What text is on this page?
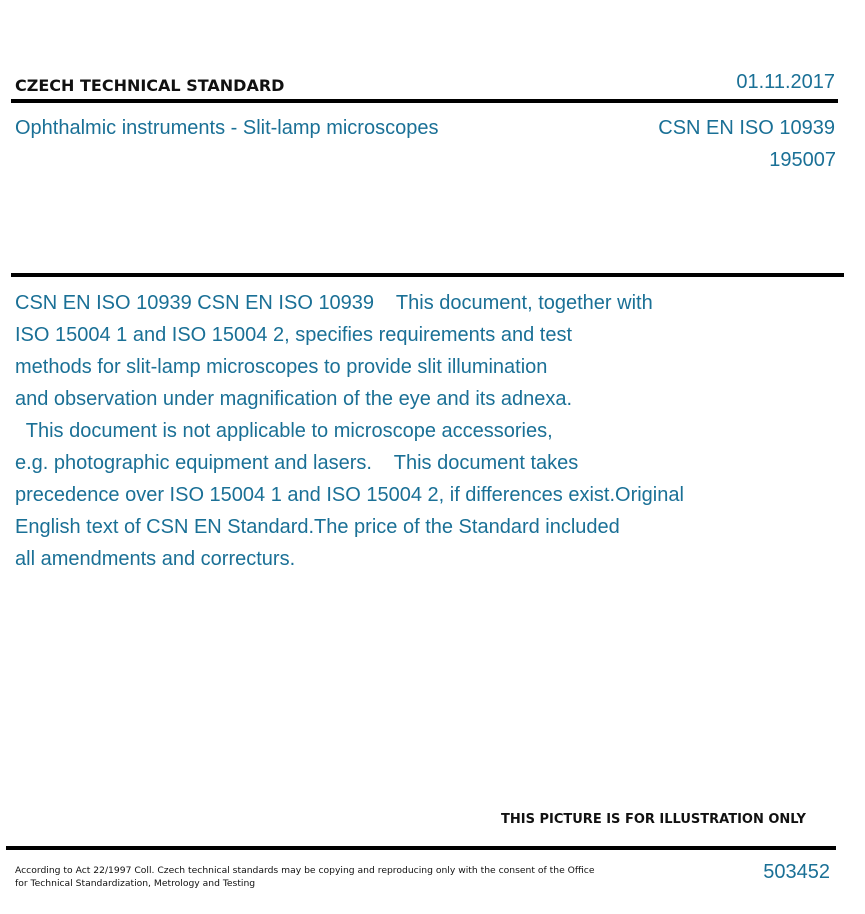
CZECH TECHNICAL STANDARD	01.11.2017
Ophthalmic instruments - Slit-lamp microscopes	CSN EN ISO 10939
195007
CSN EN ISO 10939 CSN EN ISO 10939    This document, together with
ISO 15004 1 and ISO 15004 2, specifies requirements and test
methods for slit-lamp microscopes to provide slit illumination
and observation under magnification of the eye and its adnexa.
This document is not applicable to microscope accessories,
e.g. photographic equipment and lasers.    This document takes
precedence over ISO 15004 1 and ISO 15004 2, if differences exist.Original
English text of CSN EN Standard.The price of the Standard included
all amendments and correcturs.
THIS PICTURE IS FOR ILLUSTRATION ONLY
According to Act 22/1997 Coll. Czech technical standards may be copying and reproducing only with the consent of the Office
for Technical Standardization, Metrology and Testing
503452
